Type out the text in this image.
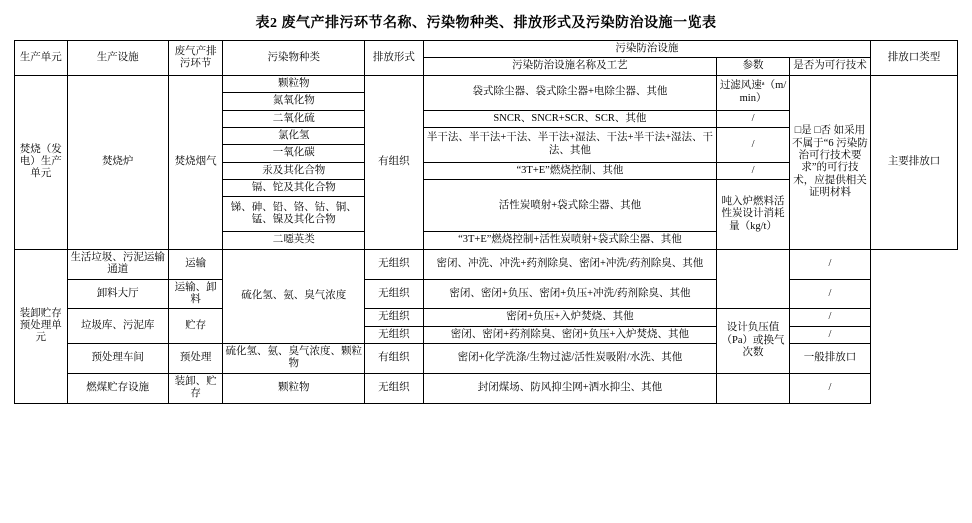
表2 废气产排污环节名称、污染物种类、排放形式及污染防治设施一览表
生产单元	生产设施	废气产排污环节	污染物种类	排放形式	污染防治设施			排放口类型
					污染防治设施名称及工艺	参数	是否为可行技术	
焚烧（发电）生产单元	焚烧炉	焚烧烟气	颗粒物	有组织	袋式除尘器、袋式除尘器+电除尘器、其他	过滤风速ᵃ（m/min）	□是 □否 如采用不属于“6 污染防治可行技术要求”的可行技术，应提供相关证明材料	主要排放口
			氮氧化物					
			二氧化硫		SNCR、SNCR+SCR、SCR、其他	/		
			氯化氢		半干法、半干法+干法、半干法+湿法、干法+半干法+湿法、干法、其他	/		
			一氧化碳					
			汞及其化合物		“3T+E”燃烧控制、其他	/		
			镉、铊及其化合物		活性炭喷射+袋式除尘器、其他	吨入炉燃料活性炭设计消耗量（kg/t）		
			锑、砷、铅、铬、钴、铜、锰、镍及其化合物					
			二噁英类		“3T+E”燃烧控制+活性炭喷射+袋式除尘器、其他			
装卸贮存预处理单元	生活垃圾、污泥运输通道	运输	硫化氢、氨、臭气浓度	无组织	密闭、冲洗、冲洗+药剂除臭、密闭+冲洗/药剂除臭、其他		/	
	卸料大厅	运输、卸料		无组织	密闭、密闭+负压、密闭+负压+冲洗/药剂除臭、其他		/	
	垃圾库、污泥库	贮存		无组织	密闭+负压+入炉焚烧、其他	设计负压值（Pa）或换气次数	/	
				无组织	密闭、密闭+药剂除臭、密闭+负压+入炉焚烧、其他		/	
	预处理车间	预处理	硫化氢、氨、臭气浓度、颗粒物	有组织	密闭+化学洗涤/生物过滤/活性炭吸附/水洗、其他		一般排放口	
	燃煤贮存设施	装卸、贮存	颗粒物	无组织	封闭煤场、防风抑尘网+洒水抑尘、其他		/	
